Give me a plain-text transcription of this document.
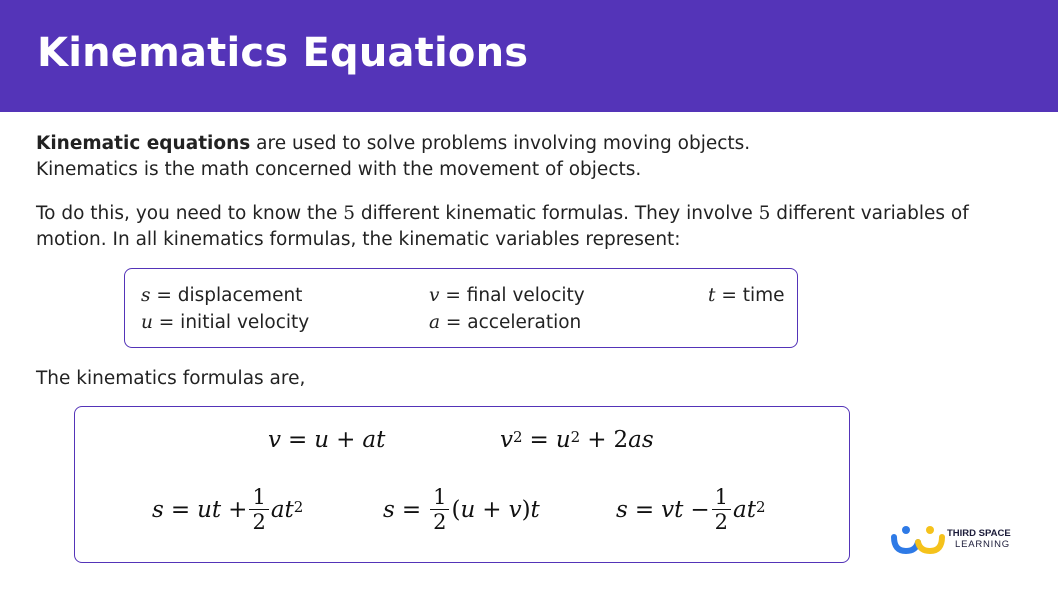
Kinematics Equations

Kinematic equations are used to solve problems involving moving objects.
Kinematics is the math concerned with the movement of objects.

To do this, you need to know the 5 different kinematic formulas. They involve 5 different variables of motion. In all kinematics formulas, the kinematic variables represent:

s = displacement	v = final velocity	t = time
u = initial velocity	a = acceleration

The kinematics formulas are,

v = u + at	$v^2 = u^2 + 2$ as
s = ut + $\frac{1}{2} at^2$	$s = \frac{1}{2}$ ( u + v ) t	s = vt − $\frac{1}{2} at^2$
THIRD SPACE
LEARNING
